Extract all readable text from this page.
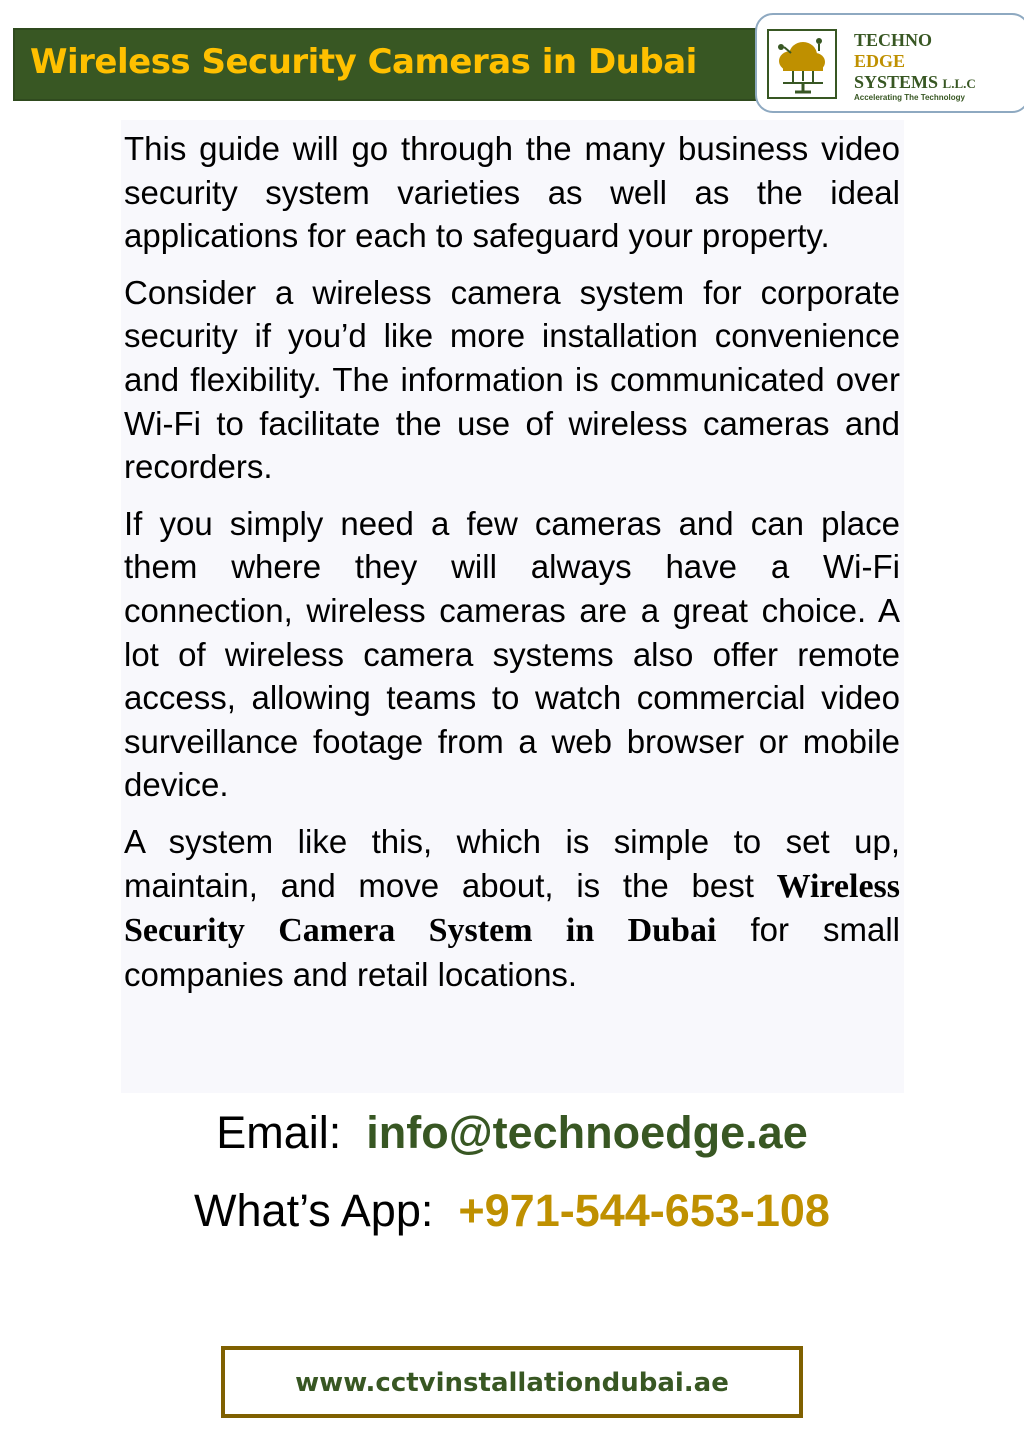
Wireless Security Cameras in Dubai
TECHNO
EDGE
SYSTEMS L.L.C
Accelerating The Technology

This guide will go through the many business video security system varieties as well as the ideal applications for each to safeguard your property.

Consider a wireless camera system for corporate security if you’d like more installation convenience and flexibility. The information is communicated over Wi-Fi to facilitate the use of wireless cameras and recorders.

If you simply need a few cameras and can place them where they will always have a Wi-Fi connection, wireless cameras are a great choice. A lot of wireless camera systems also offer remote access, allowing teams to watch commercial video surveillance footage from a web browser or mobile device.

A system like this, which is simple to set up, maintain, and move about, is the best Wireless Security Camera System in Dubai for small companies and retail locations.

Email: info@technoedge.ae
What’s App: +971-544-653-108
www.cctvinstallationdubai.ae
